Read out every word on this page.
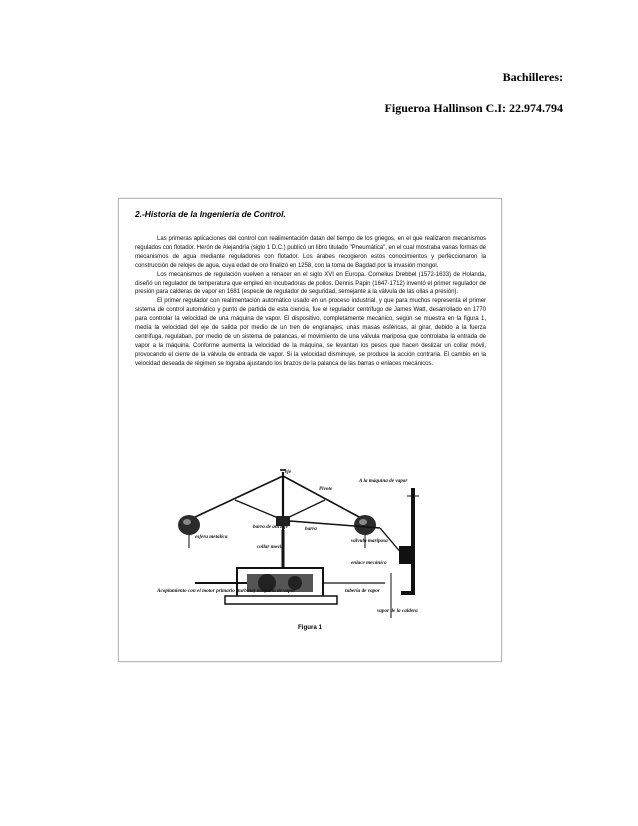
Bachilleres:
Figueroa Hallinson C.I: 22.974.794
2.-Historia de la Ingeniería de Control.

Las primeras aplicaciones del control con realimentación datan del tiempo de los griegos, en el que realizaron mecanismos regulados con flotador. Herón de Alejandría (siglo 1 D.C.) publicó un libro titulado "Pneumática", en el cual mostraba varias formas de mecanismos de agua mediante reguladores con flotador. Los árabes recogieron estos conocimientos y perfeccionaron la construcción de relojes de agua, cuya edad de oro finalizó en 1258, con la toma de Bagdad por la invasión mongol.

Los mecanismos de regulación vuelven a renacer en el siglo XVI en Europa. Cornelius Drebbel (1572-1633) de Holanda, diseñó un regulador de temperatura que empleó en incubadoras de pollos. Dennis Papin (1647-1712) inventó el primer regulador de presión para calderas de vapor en 1681 (especie de regulador de seguridad, semejante a la válvula de las ollas a presión).

El primer regulador con realimentación automático usado en un proceso industrial, y que para muchos representa el primer sistema de control automático y punto de partida de esta ciencia, fue el regulador centrífugo de James Watt, desarrollado en 1770 para controlar la velocidad de una máquina de vapor. El dispositivo, completamente mecánico, según se muestra en la figura 1, medía la velocidad del eje de salida por medio de un tren de engranajes; unas masas esféricas, al girar, debido a la fuerza centrífuga, regulaban, por medio de un sistema de palancas, el movimiento de una válvula mariposa que controlaba la entrada de vapor a la máquina. Conforme aumenta la velocidad de la máquina, se levantan los pesos que hacen deslizar un collar móvil, provocando el cierre de la válvula de entrada de vapor. Si la velocidad disminuye, se produce la acción contraria. El cambio en la velocidad deseada de régimen se lograba ajustando los brazos de la palanca de las barras o enlaces mecánicos.

eje
Pivote
barra de anclaje	barra
esfera metalica
collar movil
válvula mariposa
enlace mecánico
A la máquina de vapor
Acoplamiento con el motor primario (turbina) maquina de vapor	tubería de vapor
vapor de la caldera
Figura 1
